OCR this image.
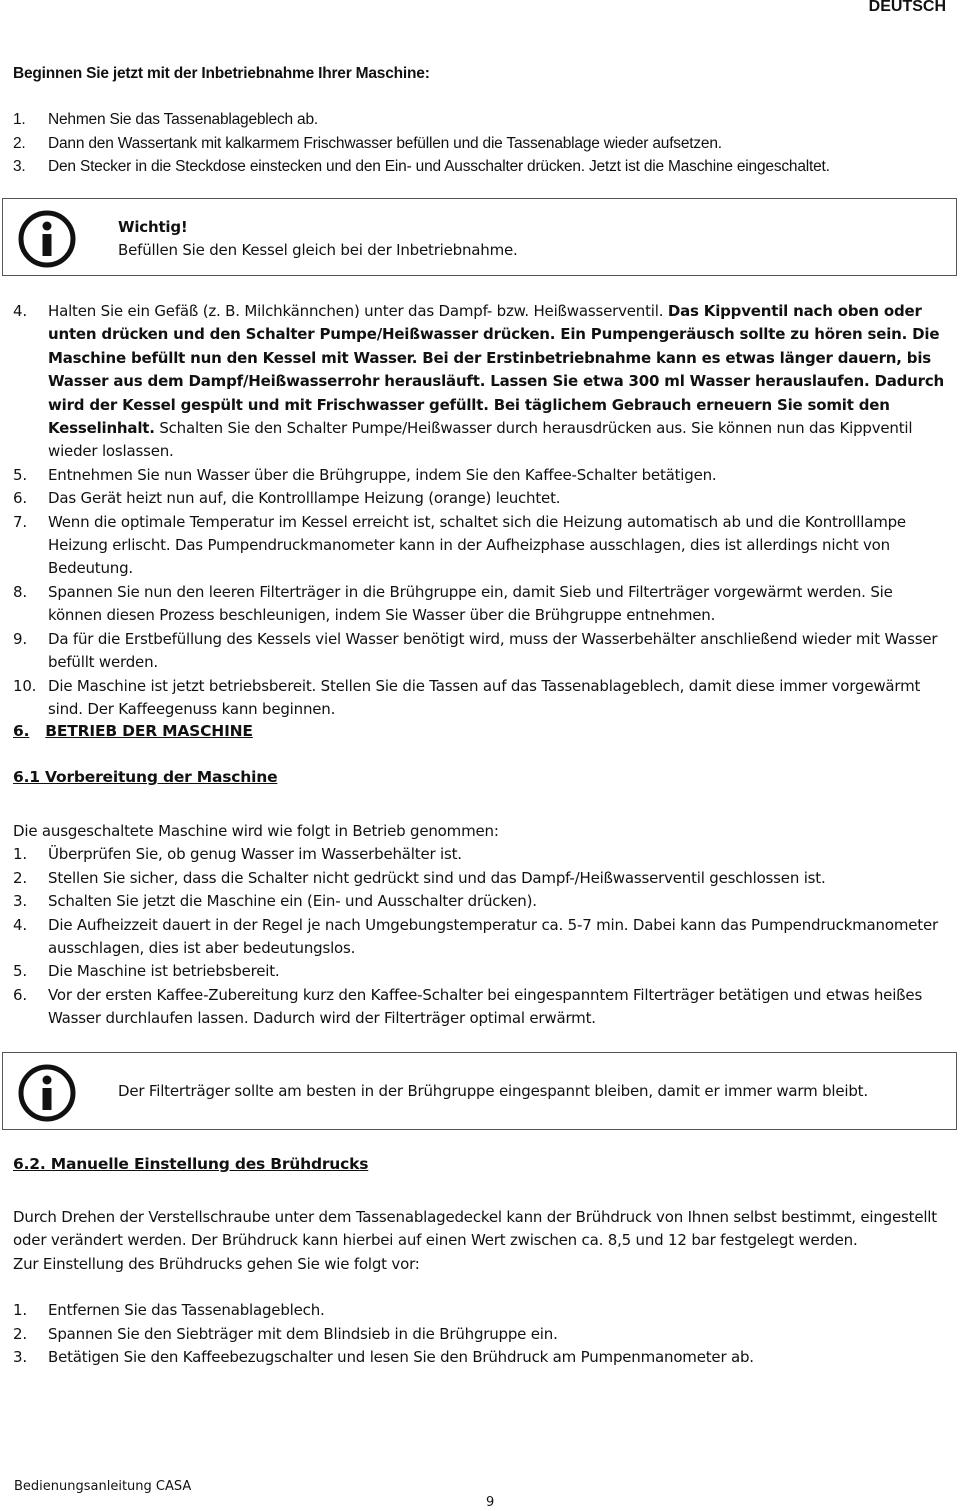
DEUTSCH
Beginnen Sie jetzt mit der Inbetriebnahme Ihrer Maschine:
1. Nehmen Sie das Tassenablageblech ab.
2. Dann den Wassertank mit kalkarmem Frischwasser befüllen und die Tassenablage wieder aufsetzen.
3. Den Stecker in die Steckdose einstecken und den Ein- und Ausschalter drücken. Jetzt ist die Maschine eingeschaltet.
Wichtig!
Befüllen Sie den Kessel gleich bei der Inbetriebnahme.
4. Halten Sie ein Gefäß (z. B. Milchkännchen) unter das Dampf- bzw. Heißwasserventil. Das Kippventil nach oben oder unten drücken und den Schalter Pumpe/Heißwasser drücken. Ein Pumpengeräusch sollte zu hören sein. Die Maschine befüllt nun den Kessel mit Wasser. Bei der Erstinbetriebnahme kann es etwas länger dauern, bis Wasser aus dem Dampf/Heißwasserrohr herausläuft. Lassen Sie etwa 300 ml Wasser herauslaufen. Dadurch wird der Kessel gespült und mit Frischwasser gefüllt. Bei täglichem Gebrauch erneuern Sie somit den Kesselinhalt. Schalten Sie den Schalter Pumpe/Heißwasser durch herausdrücken aus. Sie können nun das Kippventil wieder loslassen.
5. Entnehmen Sie nun Wasser über die Brühgruppe, indem Sie den Kaffee-Schalter betätigen.
6. Das Gerät heizt nun auf, die Kontrolllampe Heizung (orange) leuchtet.
7. Wenn die optimale Temperatur im Kessel erreicht ist, schaltet sich die Heizung automatisch ab und die Kontrolllampe Heizung erlischt. Das Pumpendruckmanometer kann in der Aufheizphase ausschlagen, dies ist allerdings nicht von Bedeutung.
8. Spannen Sie nun den leeren Filterträger in die Brühgruppe ein, damit Sieb und Filterträger vorgewärmt werden. Sie können diesen Prozess beschleunigen, indem Sie Wasser über die Brühgruppe entnehmen.
9. Da für die Erstbefüllung des Kessels viel Wasser benötigt wird, muss der Wasserbehälter anschließend wieder mit Wasser befüllt werden.
10. Die Maschine ist jetzt betriebsbereit. Stellen Sie die Tassen auf das Tassenablageblech, damit diese immer vorgewärmt sind. Der Kaffeegenuss kann beginnen.
6. BETRIEB DER MASCHINE
6.1 Vorbereitung der Maschine
Die ausgeschaltete Maschine wird wie folgt in Betrieb genommen:
1. Überprüfen Sie, ob genug Wasser im Wasserbehälter ist.
2. Stellen Sie sicher, dass die Schalter nicht gedrückt sind und das Dampf-/Heißwasserventil geschlossen ist.
3. Schalten Sie jetzt die Maschine ein (Ein- und Ausschalter drücken).
4. Die Aufheizzeit dauert in der Regel je nach Umgebungstemperatur ca. 5-7 min. Dabei kann das Pumpendruckmanometer ausschlagen, dies ist aber bedeutungslos.
5. Die Maschine ist betriebsbereit.
6. Vor der ersten Kaffee-Zubereitung kurz den Kaffee-Schalter bei eingespanntem Filterträger betätigen und etwas heißes Wasser durchlaufen lassen. Dadurch wird der Filterträger optimal erwärmt.
Der Filterträger sollte am besten in der Brühgruppe eingespannt bleiben, damit er immer warm bleibt.
6.2. Manuelle Einstellung des Brühdrucks
Durch Drehen der Verstellschraube unter dem Tassenablagedeckel kann der Brühdruck von Ihnen selbst bestimmt, eingestellt oder verändert werden. Der Brühdruck kann hierbei auf einen Wert zwischen ca. 8,5 und 12 bar festgelegt werden.
Zur Einstellung des Brühdrucks gehen Sie wie folgt vor:
1. Entfernen Sie das Tassenablageblech.
2. Spannen Sie den Siebträger mit dem Blindsieb in die Brühgruppe ein.
3. Betätigen Sie den Kaffeebezugschalter und lesen Sie den Brühdruck am Pumpenmanometer ab.
Bedienungsanleitung CASA
9
